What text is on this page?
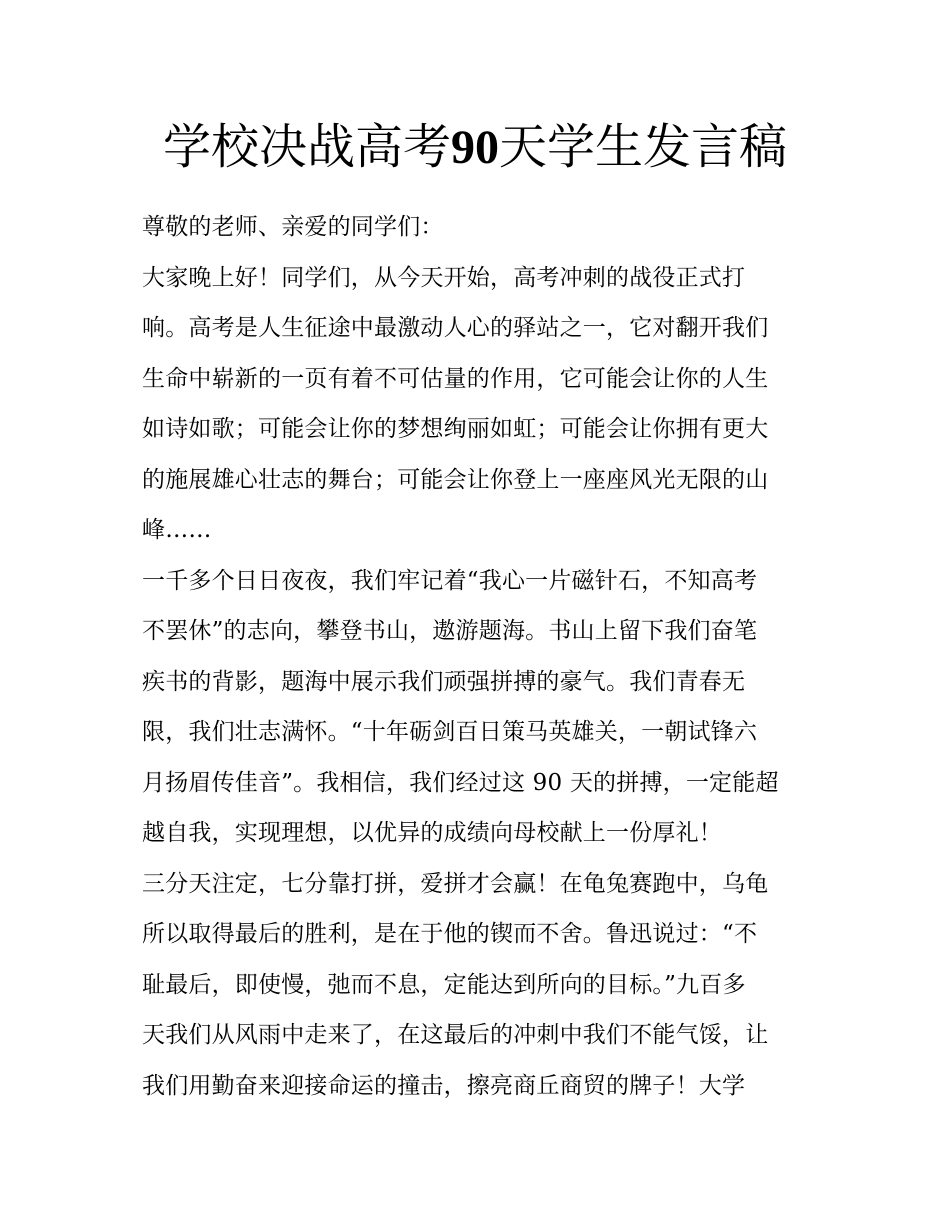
学校决战高考90天学生发言稿
尊敬的老师、亲爱的同学们：
大家晚上好！同学们，从今天开始，高考冲刺的战役正式打
响。高考是人生征途中最激动人心的驿站之一，它对翻开我们
生命中崭新的一页有着不可估量的作用，它可能会让你的人生
如诗如歌；可能会让你的梦想绚丽如虹；可能会让你拥有更大
的施展雄心壮志的舞台；可能会让你登上一座座风光无限的山
峰……
一千多个日日夜夜，我们牢记着“我心一片磁针石，不知高考
不罢休”的志向，攀登书山，遨游题海。书山上留下我们奋笔
疾书的背影，题海中展示我们顽强拼搏的豪气。我们青春无
限，我们壮志满怀。“十年砺剑百日策马英雄关，一朝试锋六
月扬眉传佳音”。我相信，我们经过这 90 天的拼搏，一定能超
越自我，实现理想，以优异的成绩向母校献上一份厚礼！
三分天注定，七分靠打拼，爱拼才会赢！在龟兔赛跑中，乌龟
所以取得最后的胜利，是在于他的锲而不舍。鲁迅说过：“不
耻最后，即使慢，弛而不息，定能达到所向的目标。”九百多
天我们从风雨中走来了，在这最后的冲刺中我们不能气馁，让
我们用勤奋来迎接命运的撞击，擦亮商丘商贸的牌子！大学
